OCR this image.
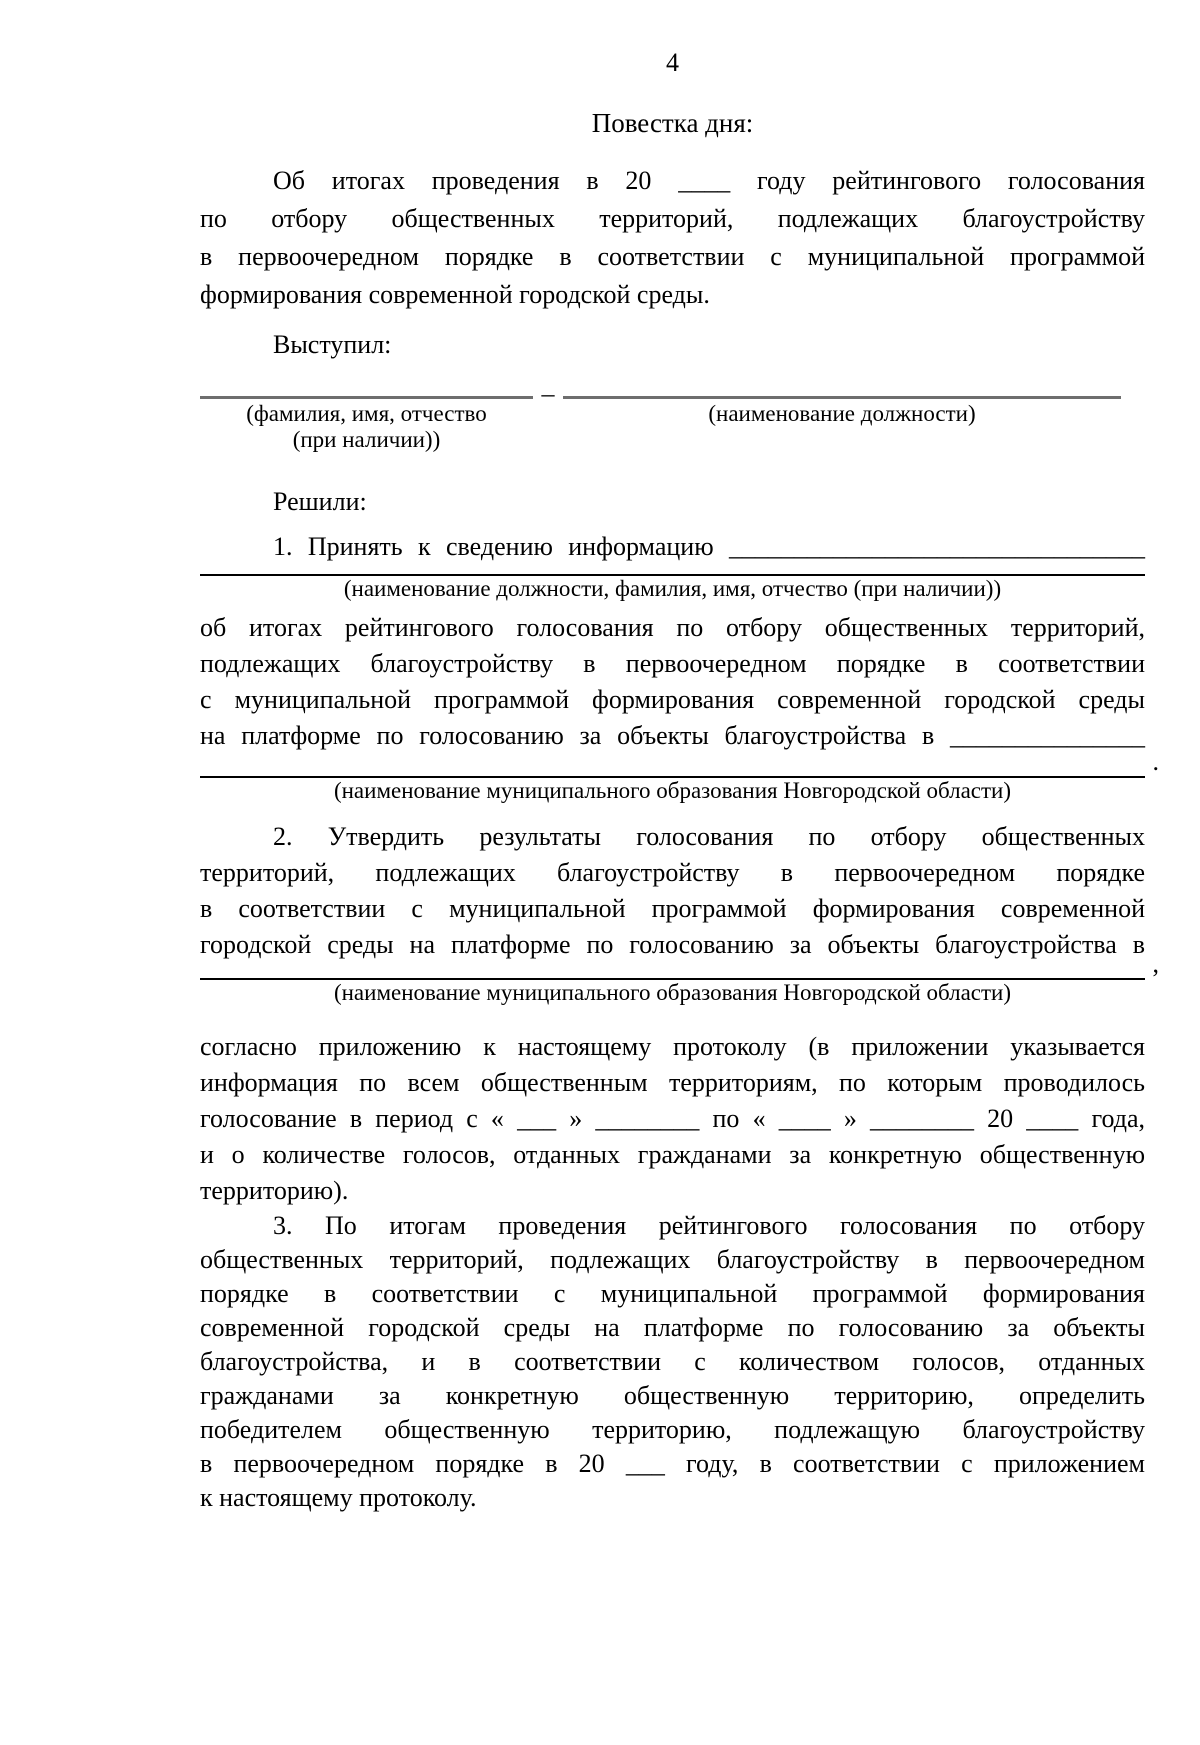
4
Повестка дня:
Об итогах проведения в 20 ____ году рейтингового голосования
по отбору общественных территорий, подлежащих благоустройству
в первоочередном порядке в соответствии с муниципальной программой
формирования современной городской среды.
Выступил:
(фамилия, имя, отчество
(при наличии))
–
(наименование должности)
Решили:
1. Принять к сведению информацию ________________________________
(наименование должности, фамилия, имя, отчество (при наличии))
об итогах рейтингового голосования по отбору общественных территорий,
подлежащих благоустройству в первоочередном порядке в соответствии
с муниципальной программой формирования современной городской среды
на платформе по голосованию за объекты благоустройства в _______________
.
(наименование муниципального образования Новгородской области)
2. Утвердить результаты голосования по отбору общественных
территорий, подлежащих благоустройству в первоочередном порядке
в соответствии с муниципальной программой формирования современной
городской среды на платформе по голосованию за объекты благоустройства в
,
(наименование муниципального образования Новгородской области)
согласно приложению к настоящему протоколу (в приложении указывается
информация по всем общественным территориям, по которым проводилось
голосование в период с « ___ » ________ по « ____ » ________ 20 ____ года,
и о количестве голосов, отданных гражданами за конкретную общественную
территорию).
3. По итогам проведения рейтингового голосования по отбору
общественных территорий, подлежащих благоустройству в первоочередном
порядке в соответствии с муниципальной программой формирования
современной городской среды на платформе по голосованию за объекты
благоустройства, и в соответствии с количеством голосов, отданных
гражданами за конкретную общественную территорию, определить
победителем общественную территорию, подлежащую благоустройству
в первоочередном порядке в 20 ___ году, в соответствии с приложением
к настоящему протоколу.
